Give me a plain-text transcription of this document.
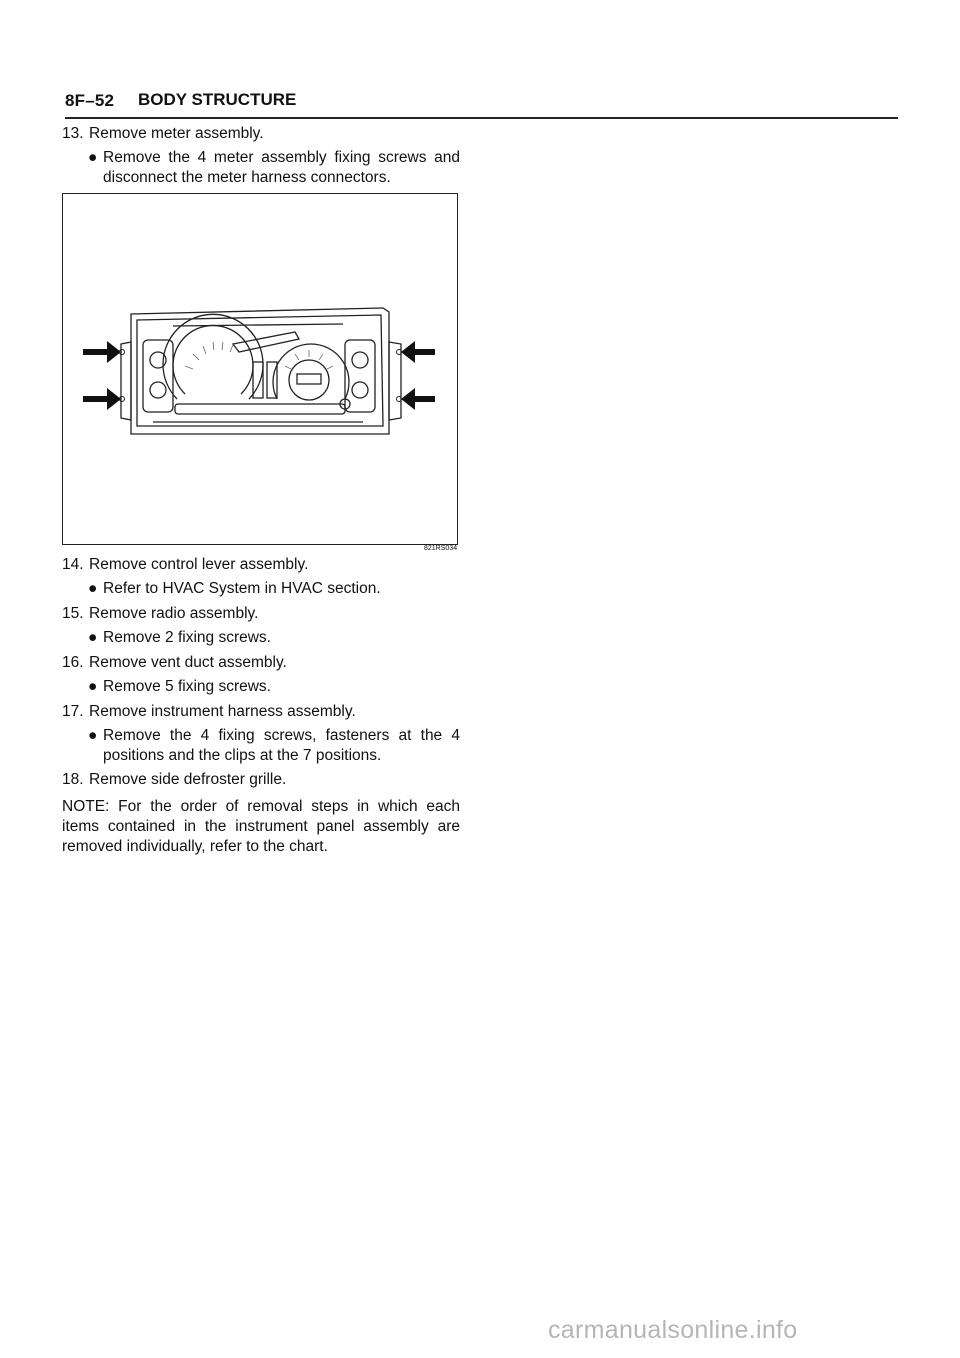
8F–52 BODY STRUCTURE

13. Remove meter assembly.

● Remove the 4 meter assembly fixing screws and disconnect the meter harness connectors.

821RS034

14. Remove control lever assembly.

● Refer to HVAC System in HVAC section.

15. Remove radio assembly.

● Remove 2 fixing screws.

16. Remove vent duct assembly.

● Remove 5 fixing screws.

17. Remove instrument harness assembly.

● Remove the 4 fixing screws, fasteners at the 4 positions and the clips at the 7 positions.

18. Remove side defroster grille.

NOTE: For the order of removal steps in which each items contained in the instrument panel assembly are removed individually, refer to the chart.

carmanualsonline.info
